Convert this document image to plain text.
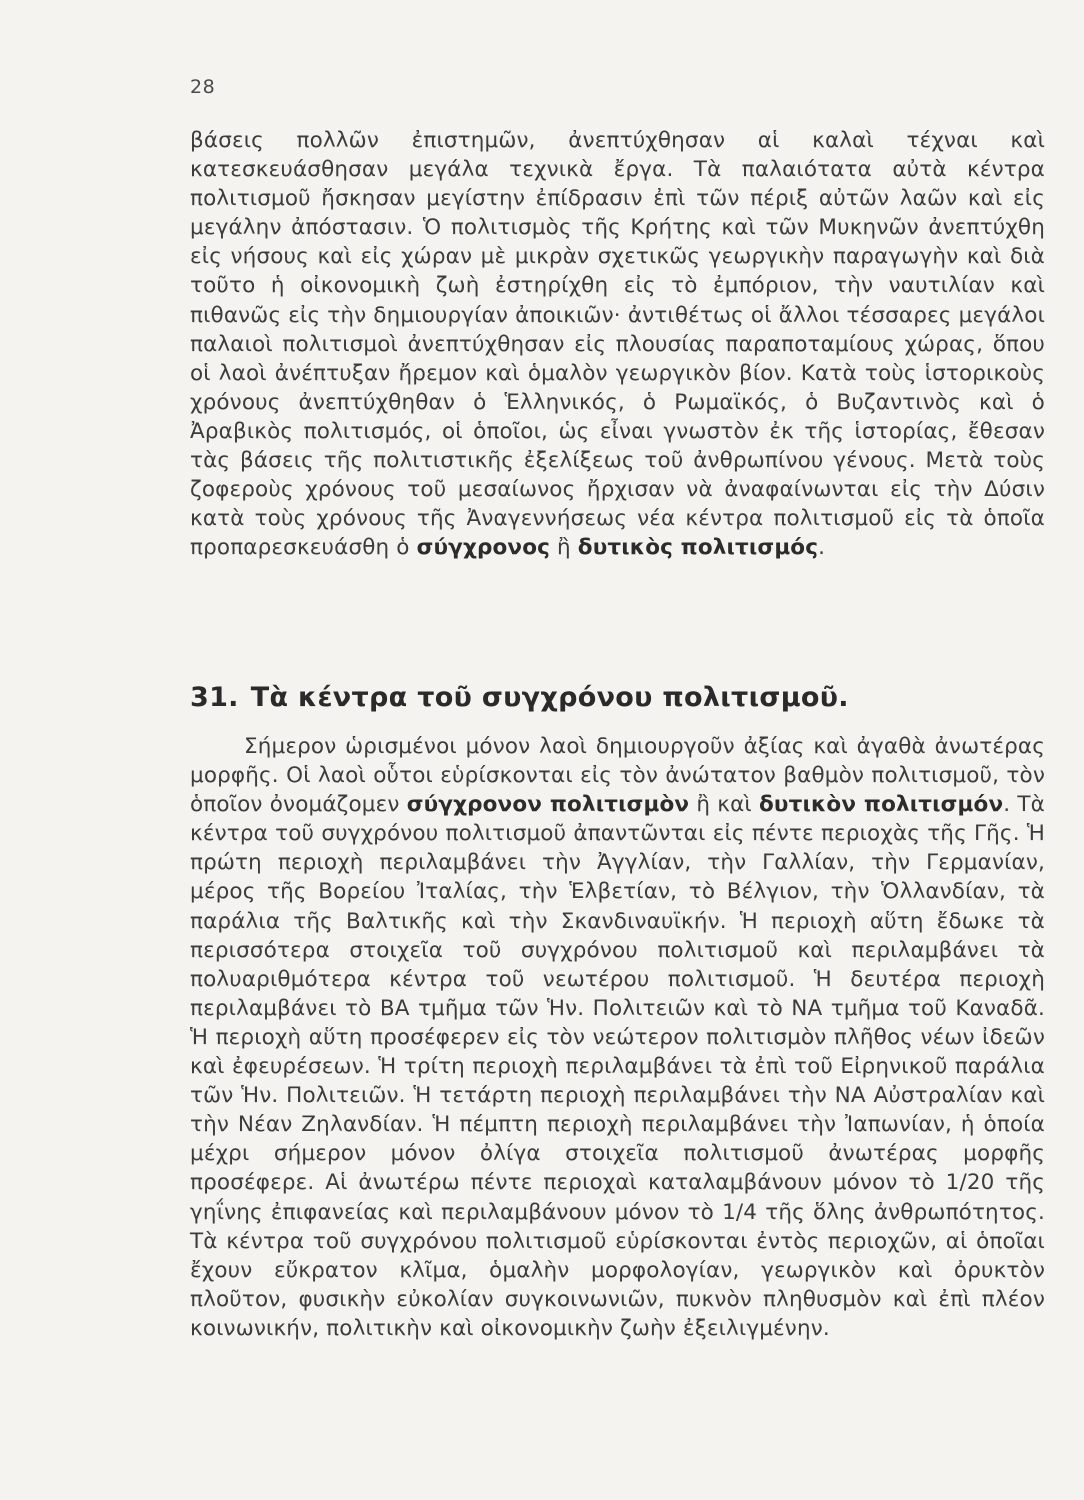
28
βάσεις πολλῶν ἐπιστημῶν, ἀνεπτύχθησαν αἱ καλαὶ τέχναι καὶ κατεσκευάσθησαν μεγάλα τεχνικὰ ἔργα. Τὰ παλαιότατα αὐτὰ κέντρα πολιτισμοῦ ἤσκησαν μεγίστην ἐπίδρασιν ἐπὶ τῶν πέριξ αὐτῶν λαῶν καὶ εἰς μεγάλην ἀπόστασιν. Ὁ πολιτισμὸς τῆς Κρήτης καὶ τῶν Μυκηνῶν ἀνεπτύχθη εἰς νήσους καὶ εἰς χώραν μὲ μικρὰν σχετικῶς γεωργικὴν παραγωγὴν καὶ διὰ τοῦτο ἡ οἰκονομικὴ ζωὴ ἐστηρίχθη εἰς τὸ ἐμπόριον, τὴν ναυτιλίαν καὶ πιθανῶς εἰς τὴν δημιουργίαν ἀποικιῶν· ἀντιθέτως οἱ ἄλλοι τέσσαρες μεγάλοι παλαιοὶ πολιτισμοὶ ἀνεπτύχθησαν εἰς πλουσίας παραποταμίους χώρας, ὅπου οἱ λαοὶ ἀνέπτυξαν ἤρεμον καὶ ὁμαλὸν γεωργικὸν βίον. Κατὰ τοὺς ἱστορικοὺς χρόνους ἀνεπτύχθηθαν ὁ Ἑλληνικός, ὁ Ρωμαϊκός, ὁ Βυζαντινὸς καὶ ὁ Ἀραβικὸς πολιτισμός, οἱ ὁποῖοι, ὡς εἶναι γνωστὸν ἐκ τῆς ἱστορίας, ἔθεσαν τὰς βάσεις τῆς πολιτιστικῆς ἐξελίξεως τοῦ ἀνθρωπίνου γένους. Μετὰ τοὺς ζοφεροὺς χρόνους τοῦ μεσαίωνος ἤρχισαν νὰ ἀναφαίνωνται εἰς τὴν Δύσιν κατὰ τοὺς χρόνους τῆς Ἀναγεννήσεως νέα κέντρα πολιτισμοῦ εἰς τὰ ὁποῖα προπαρεσκευάσθη ὁ σύγχρονος ἢ δυτικὸς πολιτισμός.
31. Τὰ κέντρα τοῦ συγχρόνου πολιτισμοῦ.
Σήμερον ὡρισμένοι μόνον λαοὶ δημιουργοῦν ἀξίας καὶ ἀγαθὰ ἀνωτέρας μορφῆς. Οἱ λαοὶ οὗτοι εὑρίσκονται εἰς τὸν ἀνώτατον βαθμὸν πολιτισμοῦ, τὸν ὁποῖον ὀνομάζομεν σύγχρονον πολιτισμὸν ἢ καὶ δυτικὸν πολιτισμόν. Τὰ κέντρα τοῦ συγχρόνου πολιτισμοῦ ἀπαντῶνται εἰς πέντε περιοχὰς τῆς Γῆς. Ἡ πρώτη περιοχὴ περιλαμβάνει τὴν Ἀγγλίαν, τὴν Γαλλίαν, τὴν Γερμανίαν, μέρος τῆς Βορείου Ἰταλίας, τὴν Ἑλβετίαν, τὸ Βέλγιον, τὴν Ὁλλανδίαν, τὰ παράλια τῆς Βαλτικῆς καὶ τὴν Σκανδιναυϊκήν. Ἡ περιοχὴ αὕτη ἔδωκε τὰ περισσότερα στοιχεῖα τοῦ συγχρόνου πολιτισμοῦ καὶ περιλαμβάνει τὰ πολυαριθμότερα κέντρα τοῦ νεωτέρου πολιτισμοῦ. Ἡ δευτέρα περιοχὴ περιλαμβάνει τὸ ΒΑ τμῆμα τῶν Ἡν. Πολιτειῶν καὶ τὸ ΝΑ τμῆμα τοῦ Καναδᾶ. Ἡ περιοχὴ αὕτη προσέφερεν εἰς τὸν νεώτερον πολιτισμὸν πλῆθος νέων ἰδεῶν καὶ ἐφευρέσεων. Ἡ τρίτη περιοχὴ περιλαμβάνει τὰ ἐπὶ τοῦ Εἰρηνικοῦ παράλια τῶν Ἡν. Πολιτειῶν. Ἡ τετάρτη περιοχὴ περιλαμβάνει τὴν ΝΑ Αὐστραλίαν καὶ τὴν Νέαν Ζηλανδίαν. Ἡ πέμπτη περιοχὴ περιλαμβάνει τὴν Ἰαπωνίαν, ἡ ὁποία μέχρι σήμερον μόνον ὀλίγα στοιχεῖα πολιτισμοῦ ἀνωτέρας μορφῆς προσέφερε. Αἱ ἀνωτέρω πέντε περιοχαὶ καταλαμβάνουν μόνον τὸ 1/20 τῆς γηΐνης ἐπιφανείας καὶ περιλαμβάνουν μόνον τὸ 1/4 τῆς ὅλης ἀνθρωπότητος. Τὰ κέντρα τοῦ συγχρόνου πολιτισμοῦ εὑρίσκονται ἐντὸς περιοχῶν, αἱ ὁποῖαι ἔχουν εὔκρατον κλῖμα, ὁμαλὴν μορφολογίαν, γεωργικὸν καὶ ὀρυκτὸν πλοῦτον, φυσικὴν εὐκολίαν συγκοινωνιῶν, πυκνὸν πληθυσμὸν καὶ ἐπὶ πλέον κοινωνικήν, πολιτικὴν καὶ οἰκονομικὴν ζωὴν ἐξειλιγμένην.
